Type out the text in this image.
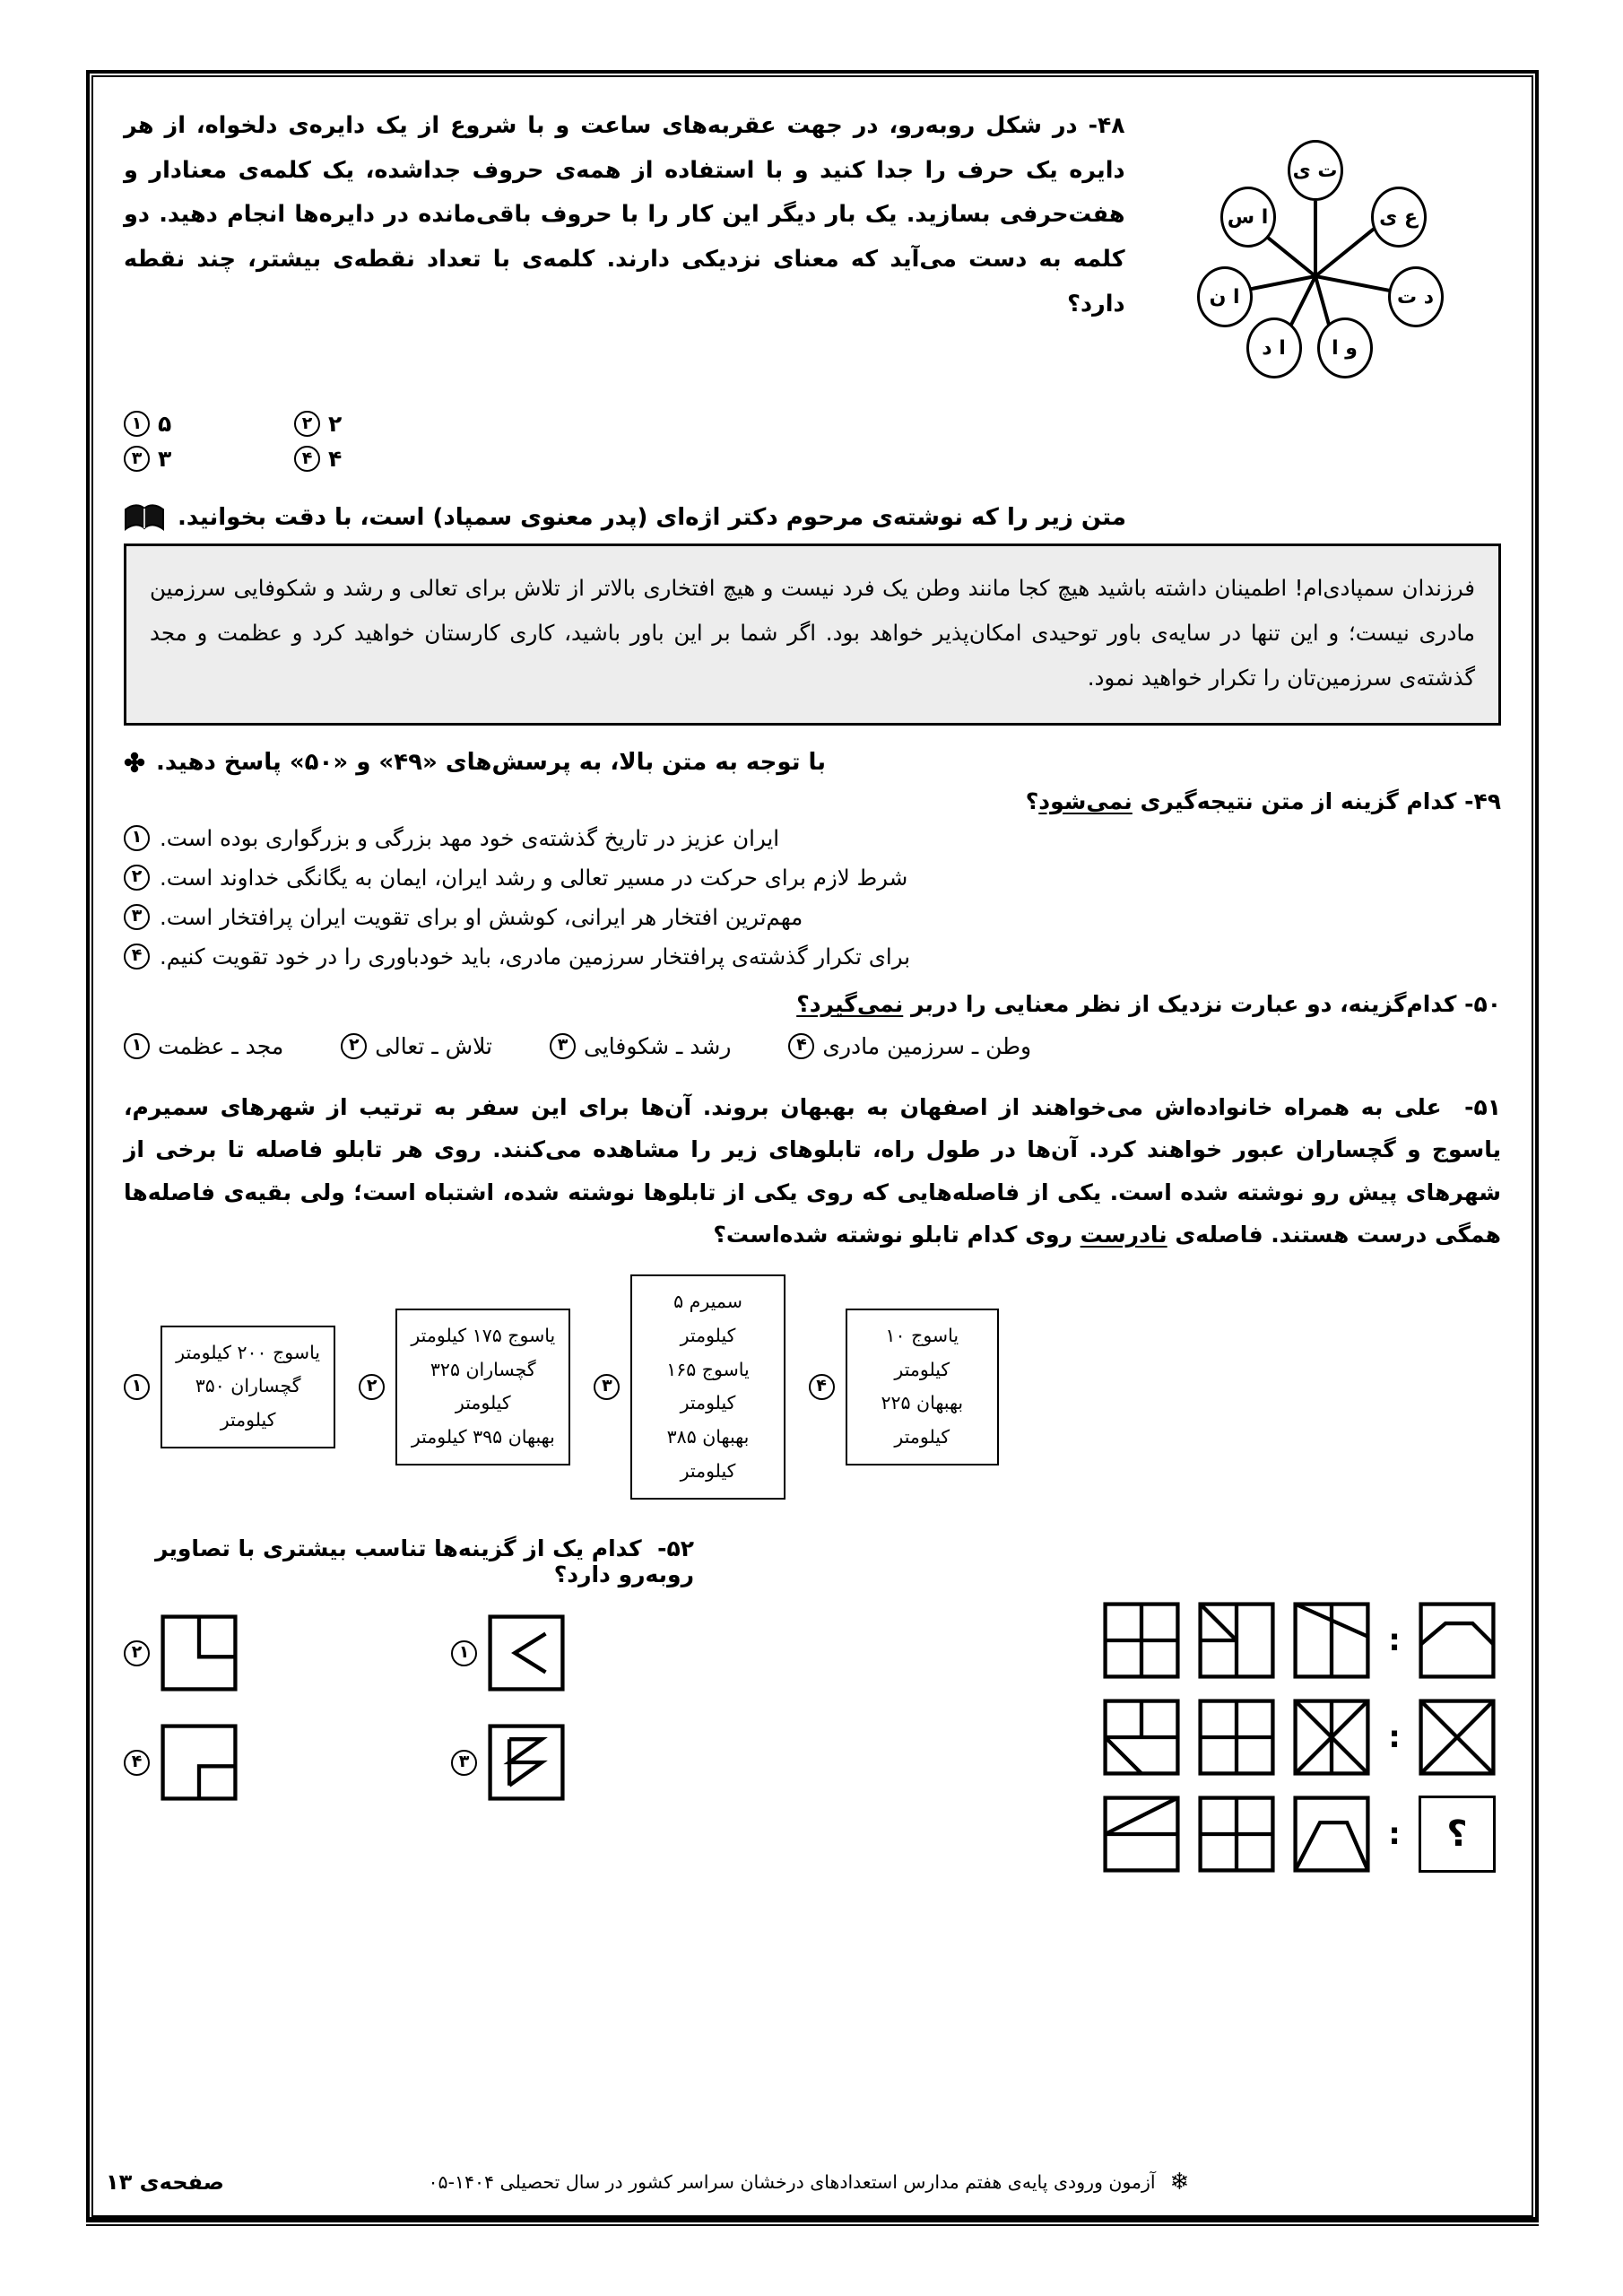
۴۸- در شکل روبه‌رو، در جهت عقربه‌های ساعت و با شروع از یک دایره‌ی دلخواه، از هر دایره یک حرف را جدا کنید و با استفاده از همه‌ی حروف جداشده، یک کلمه‌ی معنادار و هفت‌حرفی بسازید. یک بار دیگر این کار را با حروف باقی‌مانده در دایره‌ها انجام دهید. دو کلمه به دست می‌آید که معنای نزدیکی دارند. کلمه‌ی با تعداد نقطه‌ی بیشتر، چند نقطه دارد؟
ت ی
ع ی
د ت
و ا
ا د
ا ن
ا س
۱ ۵	۲ ۲
۳ ۳	۴ ۴
متن زیر را که نوشته‌ی مرحوم دکتر اژه‌ای (پدر معنوی سمپاد) است، با دقت بخوانید.
فرزندان سمپادی‌ام! اطمینان داشته باشید هیچ کجا مانند وطن یک فرد نیست و هیچ افتخاری بالاتر از تلاش برای تعالی و رشد و شکوفایی سرزمین مادری نیست؛ و این تنها در سایه‌ی باور توحیدی امکان‌پذیر خواهد بود. اگر شما بر این باور باشید، کاری کارستان خواهید کرد و عظمت و مجد گذشته‌ی سرزمین‌تان را تکرار خواهید نمود.
با توجه به متن بالا، به پرسش‌های «۴۹» و «۵۰» پاسخ دهید.
۴۹- کدام گزینه از متن نتیجه‌گیری نمی‌شود؟
۱ ایران عزیز در تاریخ گذشته‌ی خود مهد بزرگی و بزرگواری بوده است.
۲ شرط لازم برای حرکت در مسیر تعالی و رشد ایران، ایمان به یگانگی خداوند است.
۳ مهم‌ترین افتخار هر ایرانی، کوشش او برای تقویت ایران پرافتخار است.
۴ برای تکرار گذشته‌ی پرافتخار سرزمین مادری، باید خودباوری را در خود تقویت کنیم.
۵۰- کدام‌گزینه، دو عبارت نزدیک از نظر معنایی را دربر نمی‌گیرد؟
۱ مجد ـ عظمت	۲ تلاش ـ تعالی	۳ رشد ـ شکوفایی	۴ وطن ـ سرزمین مادری
۵۱-  علی به همراه خانواده‌اش می‌خواهند از اصفهان به بهبهان بروند. آن‌ها برای این سفر به ترتیب از شهرهای سمیرم، یاسوج و گچساران عبور خواهند کرد. آن‌ها در طول راه، تابلوهای زیر را مشاهده می‌کنند. روی هر تابلو فاصله تا برخی از شهرهای پیش رو نوشته شده است. یکی از فاصله‌هایی که روی یکی از تابلوها نوشته شده، اشتباه است؛ ولی بقیه‌ی فاصله‌ها همگی درست هستند. فاصله‌ی نادرست روی کدام تابلو نوشته شده‌است؟
۱
یاسوج ۲۰۰ کیلومتر
گچساران ۳۵۰ کیلومتر
۲
یاسوج ۱۷۵ کیلومتر
گچساران ۳۲۵ کیلومتر
بهبهان ۳۹۵ کیلومتر
۳
سمیرم ۵ کیلومتر
یاسوج ۱۶۵ کیلومتر
بهبهان ۳۸۵ کیلومتر
۴
یاسوج ۱۰ کیلومتر
بهبهان ۲۲۵ کیلومتر
۵۲-  کدام یک از گزینه‌ها تناسب بیشتری با تصاویر روبه‌رو دارد؟
۱
۲
۳
۴
:
:
:	؟
صفحه‌ی ۱۳	آزمون ورودی پایه‌ی هفتم مدارس استعدادهای درخشان سراسر کشور در سال تحصیلی ۱۴۰۴-۰۵ ❄
